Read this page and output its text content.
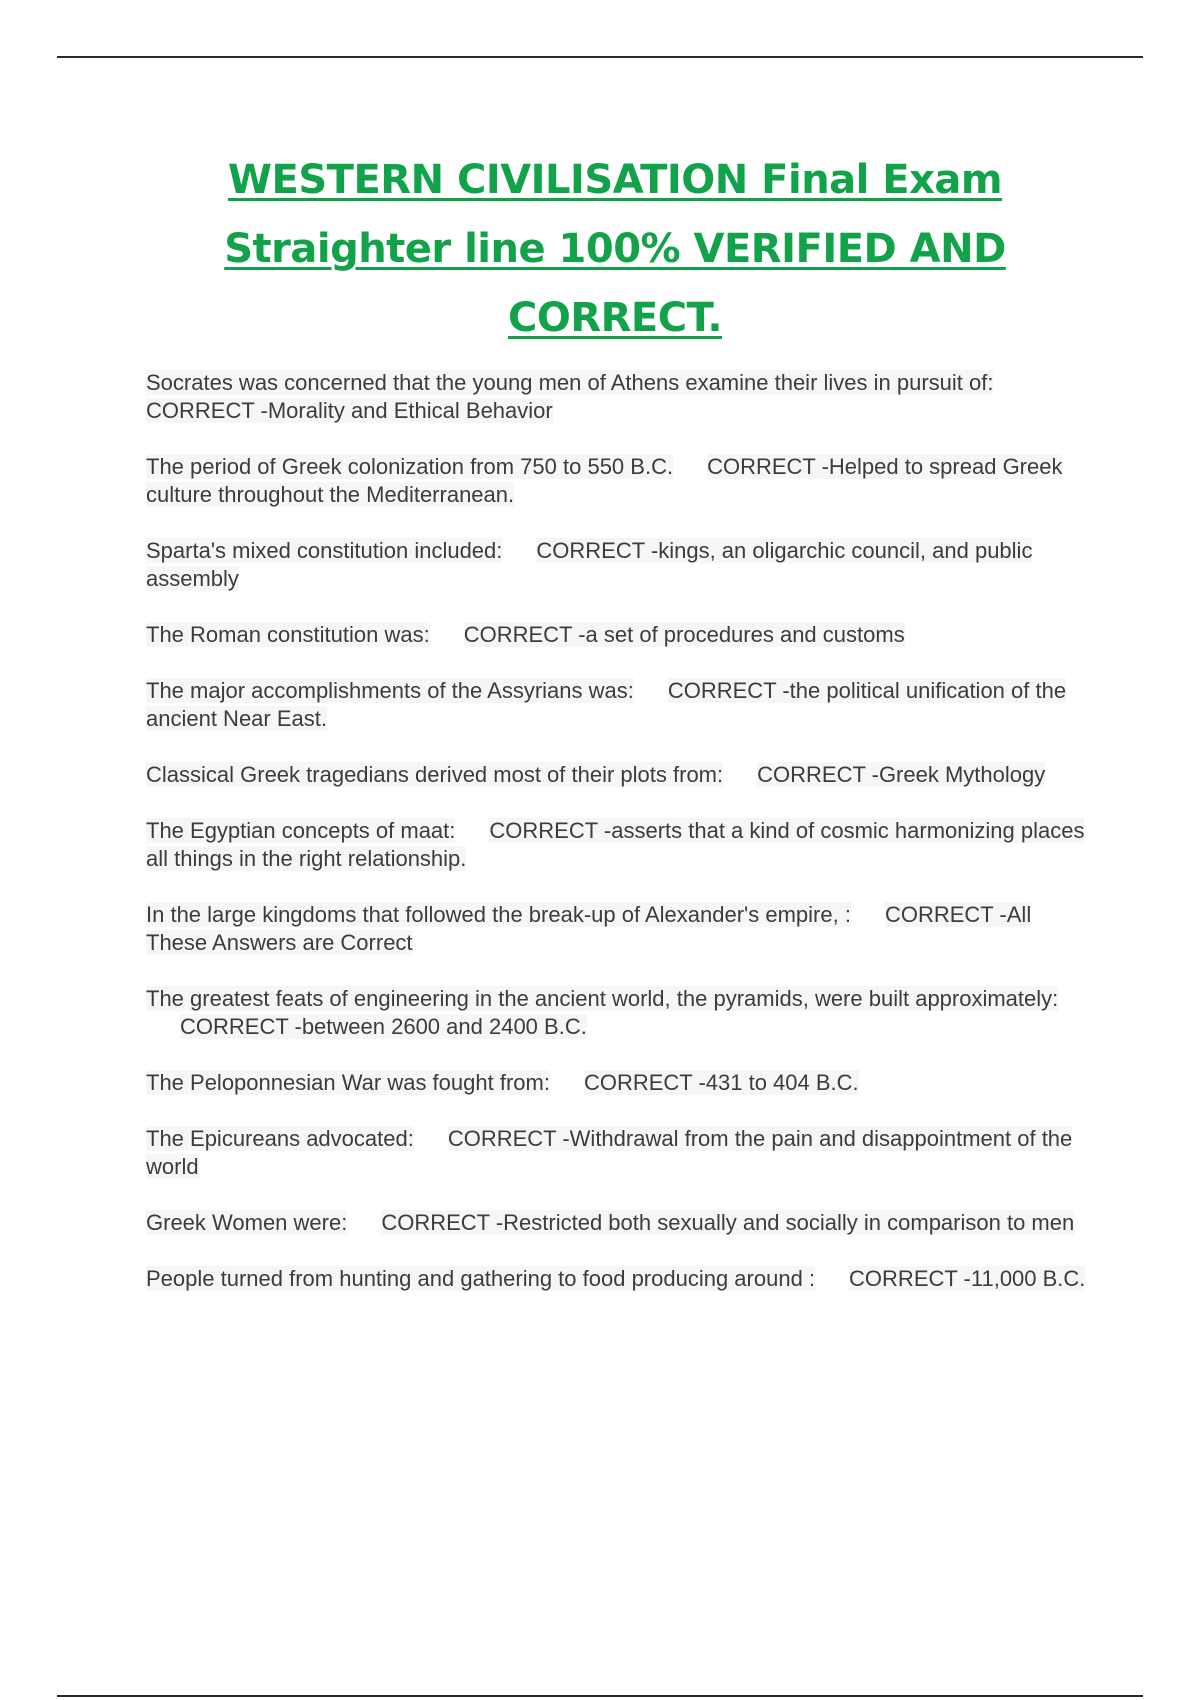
WESTERN CIVILISATION Final Exam
Straighter line 100% VERIFIED AND
CORRECT.
Socrates was concerned that the young men of Athens examine their lives in pursuit of: CORRECT -Morality and Ethical Behavior
The period of Greek colonization from 750 to 550 B.C. CORRECT -Helped to spread Greek culture throughout the Mediterranean.
Sparta's mixed constitution included: CORRECT -kings, an oligarchic council, and public assembly
The Roman constitution was: CORRECT -a set of procedures and customs
The major accomplishments of the Assyrians was: CORRECT -the political unification of the ancient Near East.
Classical Greek tragedians derived most of their plots from: CORRECT -Greek Mythology
The Egyptian concepts of maat: CORRECT -asserts that a kind of cosmic harmonizing places all things in the right relationship.
In the large kingdoms that followed the break-up of Alexander's empire, : CORRECT -All These Answers are Correct
The greatest feats of engineering in the ancient world, the pyramids, were built approximately:CORRECT -between 2600 and 2400 B.C.
The Peloponnesian War was fought from: CORRECT -431 to 404 B.C.
The Epicureans advocated: CORRECT -Withdrawal from the pain and disappointment of the world
Greek Women were: CORRECT -Restricted both sexually and socially in comparison to men
People turned from hunting and gathering to food producing around : CORRECT -11,000 B.C.
